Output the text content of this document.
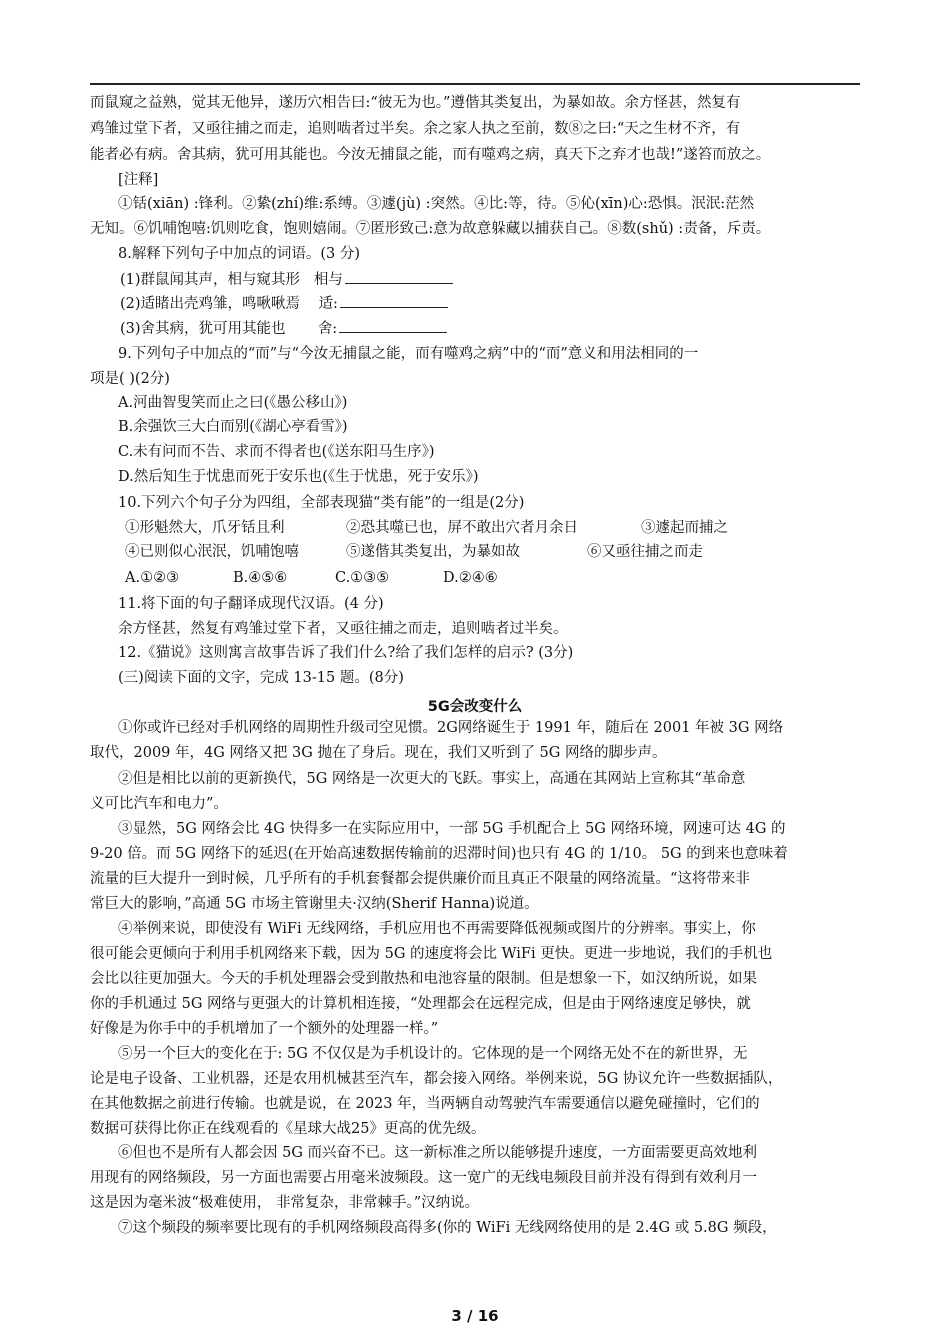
而鼠窥之益熟，觉其无他异，遂历穴相告曰:“彼无为也。”遵偕其类复出，为暴如故。余方怪甚，然复有
鸡雏过堂下者，又亟往捕之而走，追则啮者过半矣。余之家人执之至前，数⑧之曰:“天之生材不齐，有
能者必有病。舍其病，犹可用其能也。今汝无捕鼠之能，而有噬鸡之病，真天下之弃才也哉!”遂笞而放之。
[注释]
①铦(xiān) :锋利。②絷(zhí)维:系缚。③遽(jù) :突然。④比:等，待。⑤伈(xīn)心:恐惧。泯泯:茫然
无知。⑥饥哺饱嘻:饥则吃食，饱则嬉闹。⑦匿形致己:意为故意躲藏以捕获自己。⑧数(shǔ) :责备，斥责。
8.解释下列句子中加点的词语。(3 分)
(1)群鼠闻其声，相与窥其形 相与
(2)适睹出壳鸡雏，鸣啾啾焉 适:
(3)舍其病，犹可用其能也 舍:
9.下列句子中加点的“而”与“今汝无捕鼠之能，而有噬鸡之病”中的“而”意义和用法相同的一
项是( )(2分)
A.河曲智叟笑而止之曰(《愚公移山》)
B.余强饮三大白而别(《湖心亭看雪》)
C.未有问而不告、求而不得者也(《送东阳马生序》)
D.然后知生于忧患而死于安乐也(《生于忧患，死于安乐》)
10.下列六个句子分为四组，全部表现猫“类有能”的一组是(2分)
①形魁然大，爪牙铦且利	②恐其噬已也，屏不敢出穴者月余日	③遽起而捕之
④已则似心泯泯，饥哺饱嘻	⑤遂偕其类复出，为暴如故	⑥又亟往捕之而走
A.①②③	B.④⑤⑥	C.①③⑤	D.②④⑥
11.将下面的句子翻译成现代汉语。(4 分)
余方怪甚，然复有鸡雏过堂下者，又亟往捕之而走，追则啮者过半矣。
12.《猫说》这则寓言故事告诉了我们什么?给了我们怎样的启示? (3分)
(三)阅读下面的文字，完成 13-15 题。(8分)
5G会改变什么
①你或许已经对手机网络的周期性升级司空见惯。2G网络诞生于 1991 年，随后在 2001 年被 3G 网络
取代，2009 年，4G 网络又把 3G 抛在了身后。现在，我们又听到了 5G 网络的脚步声。
②但是相比以前的更新换代，5G 网络是一次更大的飞跃。事实上，高通在其网站上宣称其“革命意
义可比汽车和电力”。
③显然，5G 网络会比 4G 快得多一在实际应用中，一部 5G 手机配合上 5G 网络环境，网速可达 4G 的
9-20 倍。而 5G 网络下的延迟(在开始高速数据传输前的迟滞时间)也只有 4G 的 1/10。 5G 的到来也意味着
流量的巨大提升一到时候，几乎所有的手机套餐都会提供廉价而且真正不限量的网络流量。“这将带来非
常巨大的影响，”高通 5G 市场主管谢里夫·汉纳(Sherif Hanna)说道。
④举例来说，即使没有 WiFi 无线网络，手机应用也不再需要降低视频或图片的分辨率。事实上，你
很可能会更倾向于利用手机网络来下载，因为 5G 的速度将会比 WiFi 更快。更进一步地说，我们的手机也
会比以往更加强大。今天的手机处理器会受到散热和电池容量的限制。但是想象一下，如汉纳所说，如果
你的手机通过 5G 网络与更强大的计算机相连接，“处理都会在远程完成，但是由于网络速度足够快，就
好像是为你手中的手机增加了一个额外的处理器一样。”
⑤另一个巨大的变化在于: 5G 不仅仅是为手机设计的。它体现的是一个网络无处不在的新世界，无
论是电子设备、工业机器，还是农用机械甚至汽车，都会接入网络。举例来说，5G 协议允许一些数据插队，
在其他数据之前进行传输。也就是说，在 2023 年，当两辆自动驾驶汽车需要通信以避免碰撞时，它们的
数据可获得比你正在线观看的《星球大战25》更高的优先级。
⑥但也不是所有人都会因 5G 而兴奋不已。这一新标准之所以能够提升速度，一方面需要更高效地利
用现有的网络频段，另一方面也需要占用毫米波频段。这一宽广的无线电频段目前并没有得到有效利月一
这是因为毫米波“极难使用， 非常复杂，非常棘手。”汉纳说。
⑦这个频段的频率要比现有的手机网络频段高得多(你的 WiFi 无线网络使用的是 2.4G 或 5.8G 频段，
3 / 16
